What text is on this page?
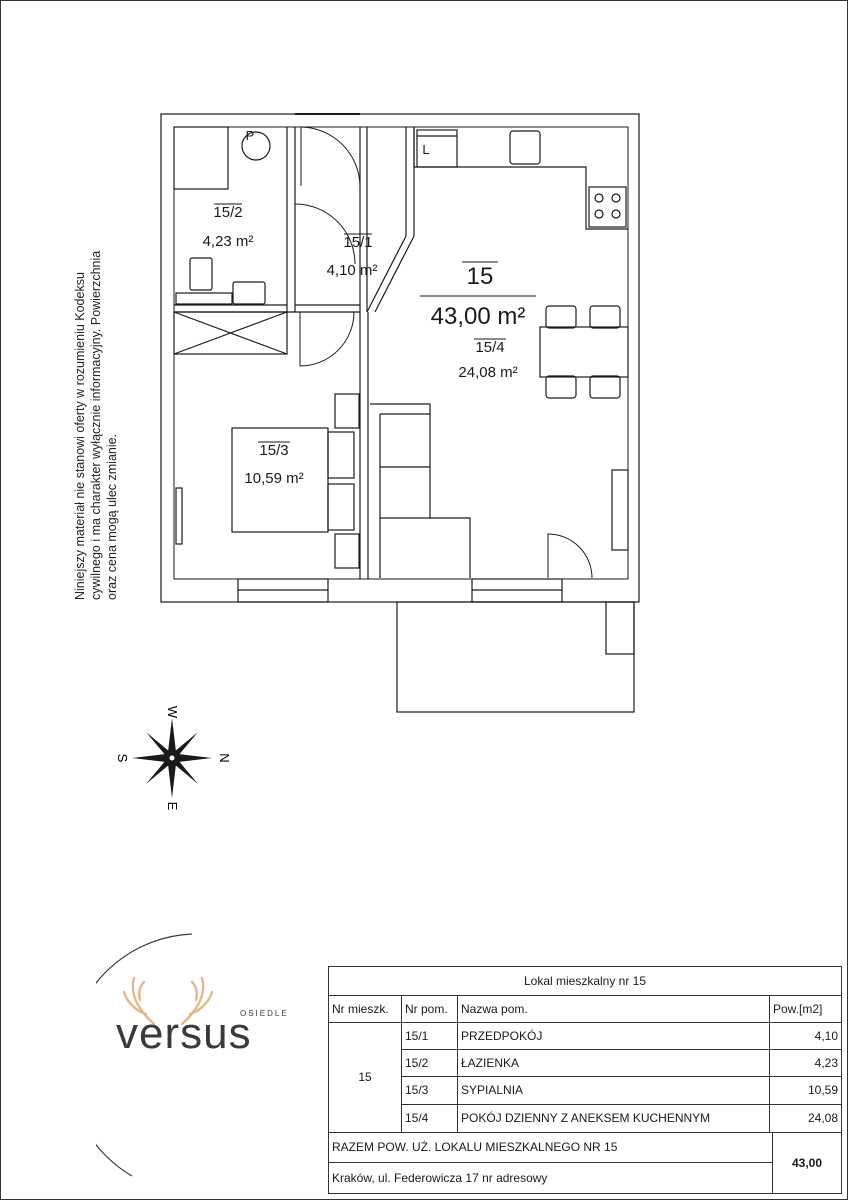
15/2
4,23 m²	15/1
4,10 m²	15
43,00 m²
15/4
24,08 m²
15/3
10,59 m²
P
L
W
E
S	N
Niniejszy materiał nie stanowi oferty w rozumieniu Kodeksu cywilnego i ma charakter wyłącznie informacyjny. Powierzchnia oraz cena mogą ulec zmianie.
OSIEDLE
versus
Lokal mieszkalny nr 15
Nr mieszk.	Nr pom.	Nazwa pom.	Pow.[m2]
15
15/1	PRZEDPOKÓJ	4,10
15/2	ŁAZIENKA	4,23
15/3	SYPIALNIA	10,59
15/4	POKÓJ DZIENNY Z ANEKSEM KUCHENNYM	24,08
RAZEM POW. UŻ. LOKALU MIESZKALNEGO NR 15
Kraków, ul. Federowicza 17 nr adresowy
43,00
